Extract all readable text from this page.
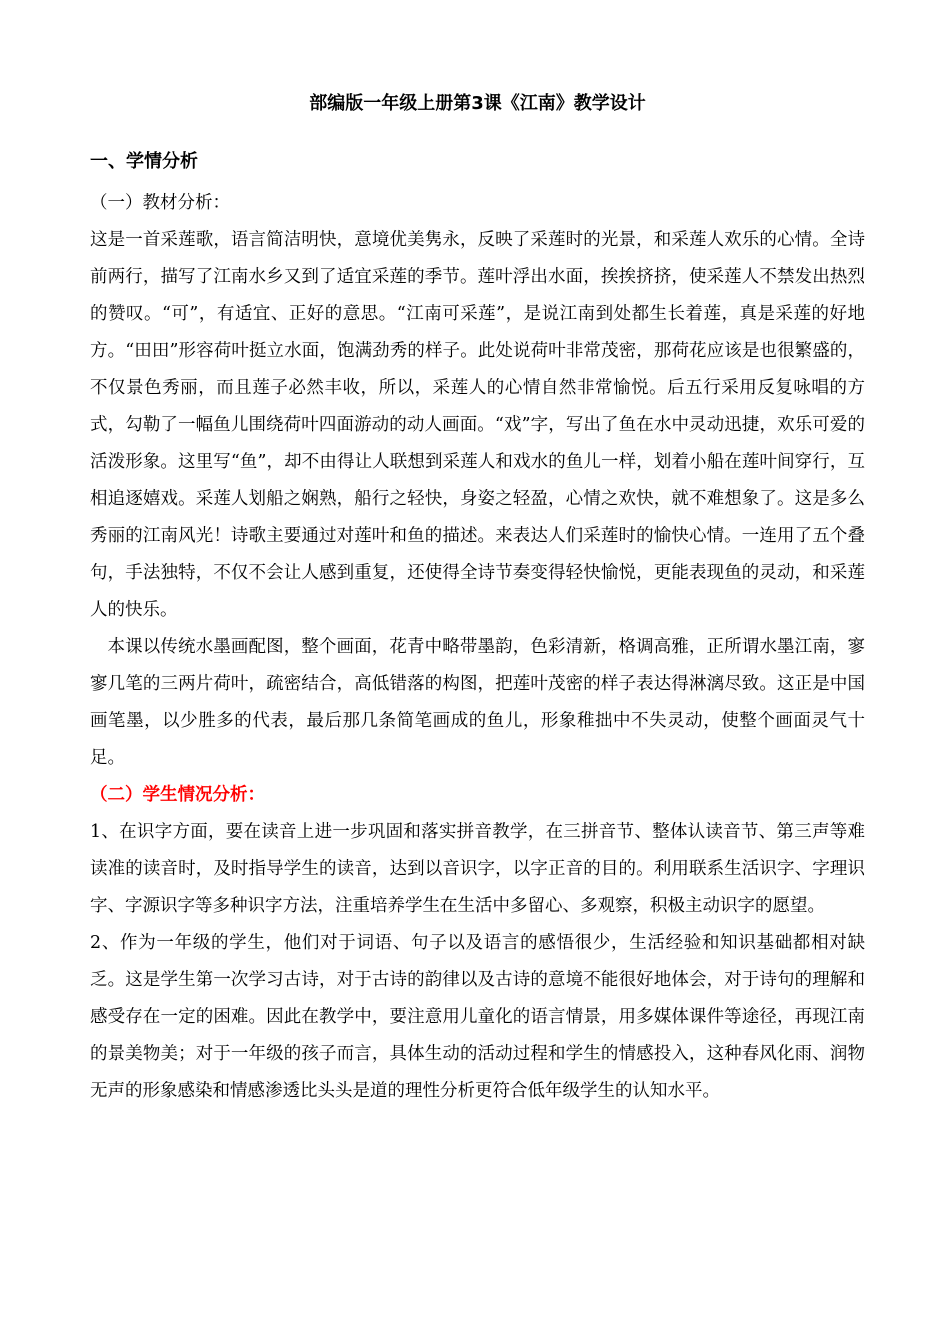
部编版一年级上册第3课《江南》教学设计
一、学情分析

（一）教材分析：

这是一首采莲歌，语言简洁明快，意境优美隽永，反映了采莲时的光景，和采莲人欢乐的心情。全诗前两行，描写了江南水乡又到了适宜采莲的季节。莲叶浮出水面，挨挨挤挤，使采莲人不禁发出热烈的赞叹。“可”，有适宜、正好的意思。“江南可采莲”，是说江南到处都生长着莲，真是采莲的好地方。“田田”形容荷叶挺立水面，饱满劲秀的样子。此处说荷叶非常茂密，那荷花应该是也很繁盛的，不仅景色秀丽，而且莲子必然丰收，所以，采莲人的心情自然非常愉悦。后五行采用反复咏唱的方式，勾勒了一幅鱼儿围绕荷叶四面游动的动人画面。“戏”字，写出了鱼在水中灵动迅捷，欢乐可爱的活泼形象。这里写“鱼”，却不由得让人联想到采莲人和戏水的鱼儿一样，划着小船在莲叶间穿行，互相追逐嬉戏。采莲人划船之娴熟，船行之轻快，身姿之轻盈，心情之欢快，就不难想象了。这是多么秀丽的江南风光！诗歌主要通过对莲叶和鱼的描述。来表达人们采莲时的愉快心情。一连用了五个叠句，手法独特，不仅不会让人感到重复，还使得全诗节奏变得轻快愉悦，更能表现鱼的灵动，和采莲人的快乐。

本课以传统水墨画配图，整个画面，花青中略带墨韵，色彩清新，格调高雅，正所谓水墨江南，寥寥几笔的三两片荷叶，疏密结合，高低错落的构图，把莲叶茂密的样子表达得淋漓尽致。这正是中国画笔墨，以少胜多的代表，最后那几条简笔画成的鱼儿，形象稚拙中不失灵动，使整个画面灵气十足。

（二）学生情况分析：

1、在识字方面，要在读音上进一步巩固和落实拼音教学，在三拼音节、整体认读音节、第三声等难读准的读音时，及时指导学生的读音，达到以音识字，以字正音的目的。利用联系生活识字、字理识字、字源识字等多种识字方法，注重培养学生在生活中多留心、多观察，积极主动识字的愿望。

2、作为一年级的学生，他们对于词语、句子以及语言的感悟很少，生活经验和知识基础都相对缺乏。这是学生第一次学习古诗，对于古诗的韵律以及古诗的意境不能很好地体会，对于诗句的理解和感受存在一定的困难。因此在教学中，要注意用儿童化的语言情景，用多媒体课件等途径，再现江南的景美物美；对于一年级的孩子而言，具体生动的活动过程和学生的情感投入，这种春风化雨、润物无声的形象感染和情感渗透比头头是道的理性分析更符合低年级学生的认知水平。
